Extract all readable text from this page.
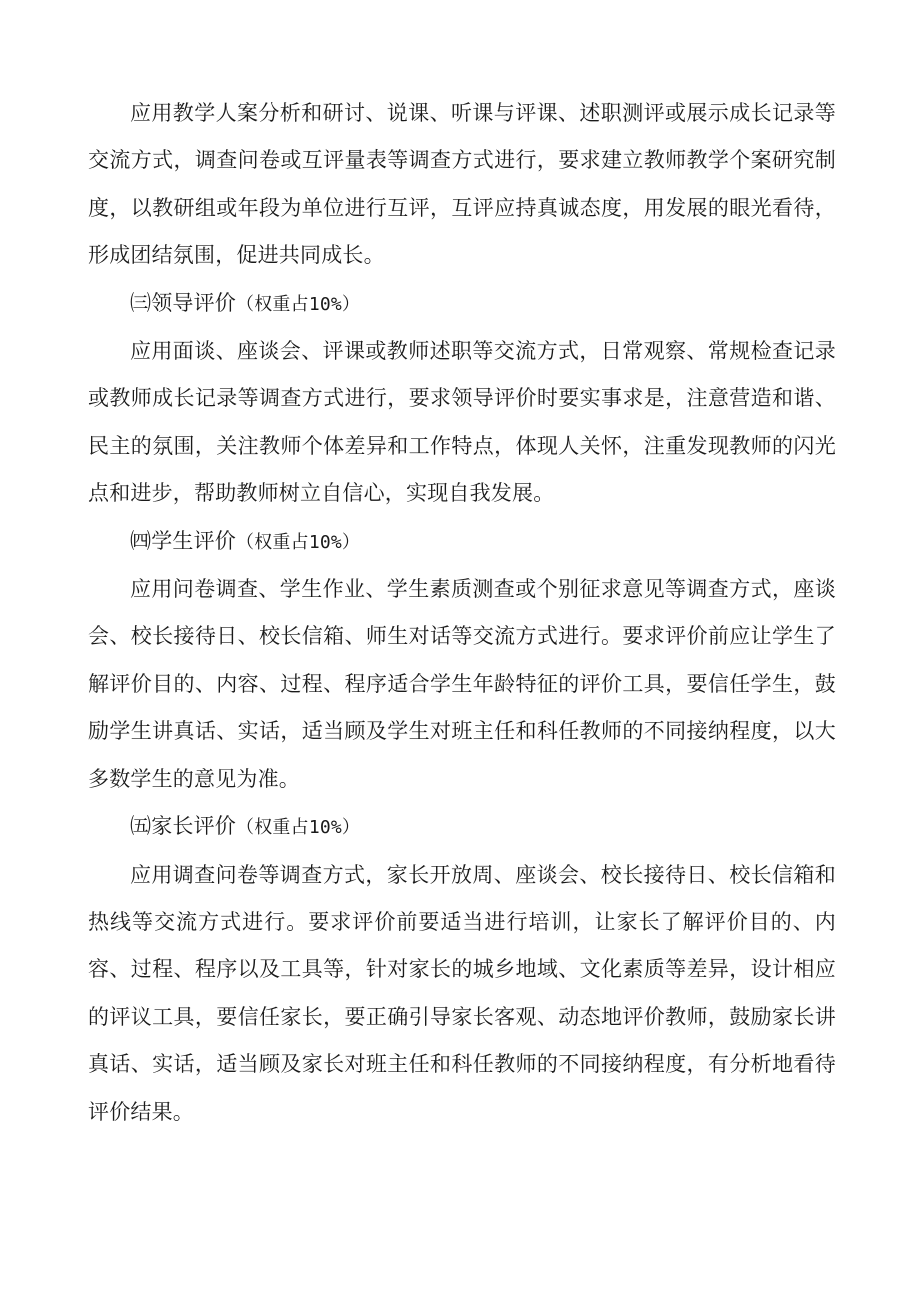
应用教学人案分析和研讨、说课、听课与评课、述职测评或展示成长记录等交流方式，调查问卷或互评量表等调查方式进行，要求建立教师教学个案研究制度，以教研组或年段为单位进行互评，互评应持真诚态度，用发展的眼光看待，形成团结氛围，促进共同成长。

㈢领导评价（权重占10%）

应用面谈、座谈会、评课或教师述职等交流方式，日常观察、常规检查记录或教师成长记录等调查方式进行，要求领导评价时要实事求是，注意营造和谐、民主的氛围，关注教师个体差异和工作特点，体现人关怀，注重发现教师的闪光点和进步，帮助教师树立自信心，实现自我发展。

㈣学生评价（权重占10%）

应用问卷调查、学生作业、学生素质测查或个别征求意见等调查方式，座谈会、校长接待日、校长信箱、师生对话等交流方式进行。要求评价前应让学生了解评价目的、内容、过程、程序适合学生年龄特征的评价工具，要信任学生，鼓励学生讲真话、实话，适当顾及学生对班主任和科任教师的不同接纳程度，以大多数学生的意见为准。

㈤家长评价（权重占10%）

应用调查问卷等调查方式，家长开放周、座谈会、校长接待日、校长信箱和热线等交流方式进行。要求评价前要适当进行培训，让家长了解评价目的、内容、过程、程序以及工具等，针对家长的城乡地域、文化素质等差异，设计相应的评议工具，要信任家长，要正确引导家长客观、动态地评价教师，鼓励家长讲真话、实话，适当顾及家长对班主任和科任教师的不同接纳程度，有分析地看待评价结果。
